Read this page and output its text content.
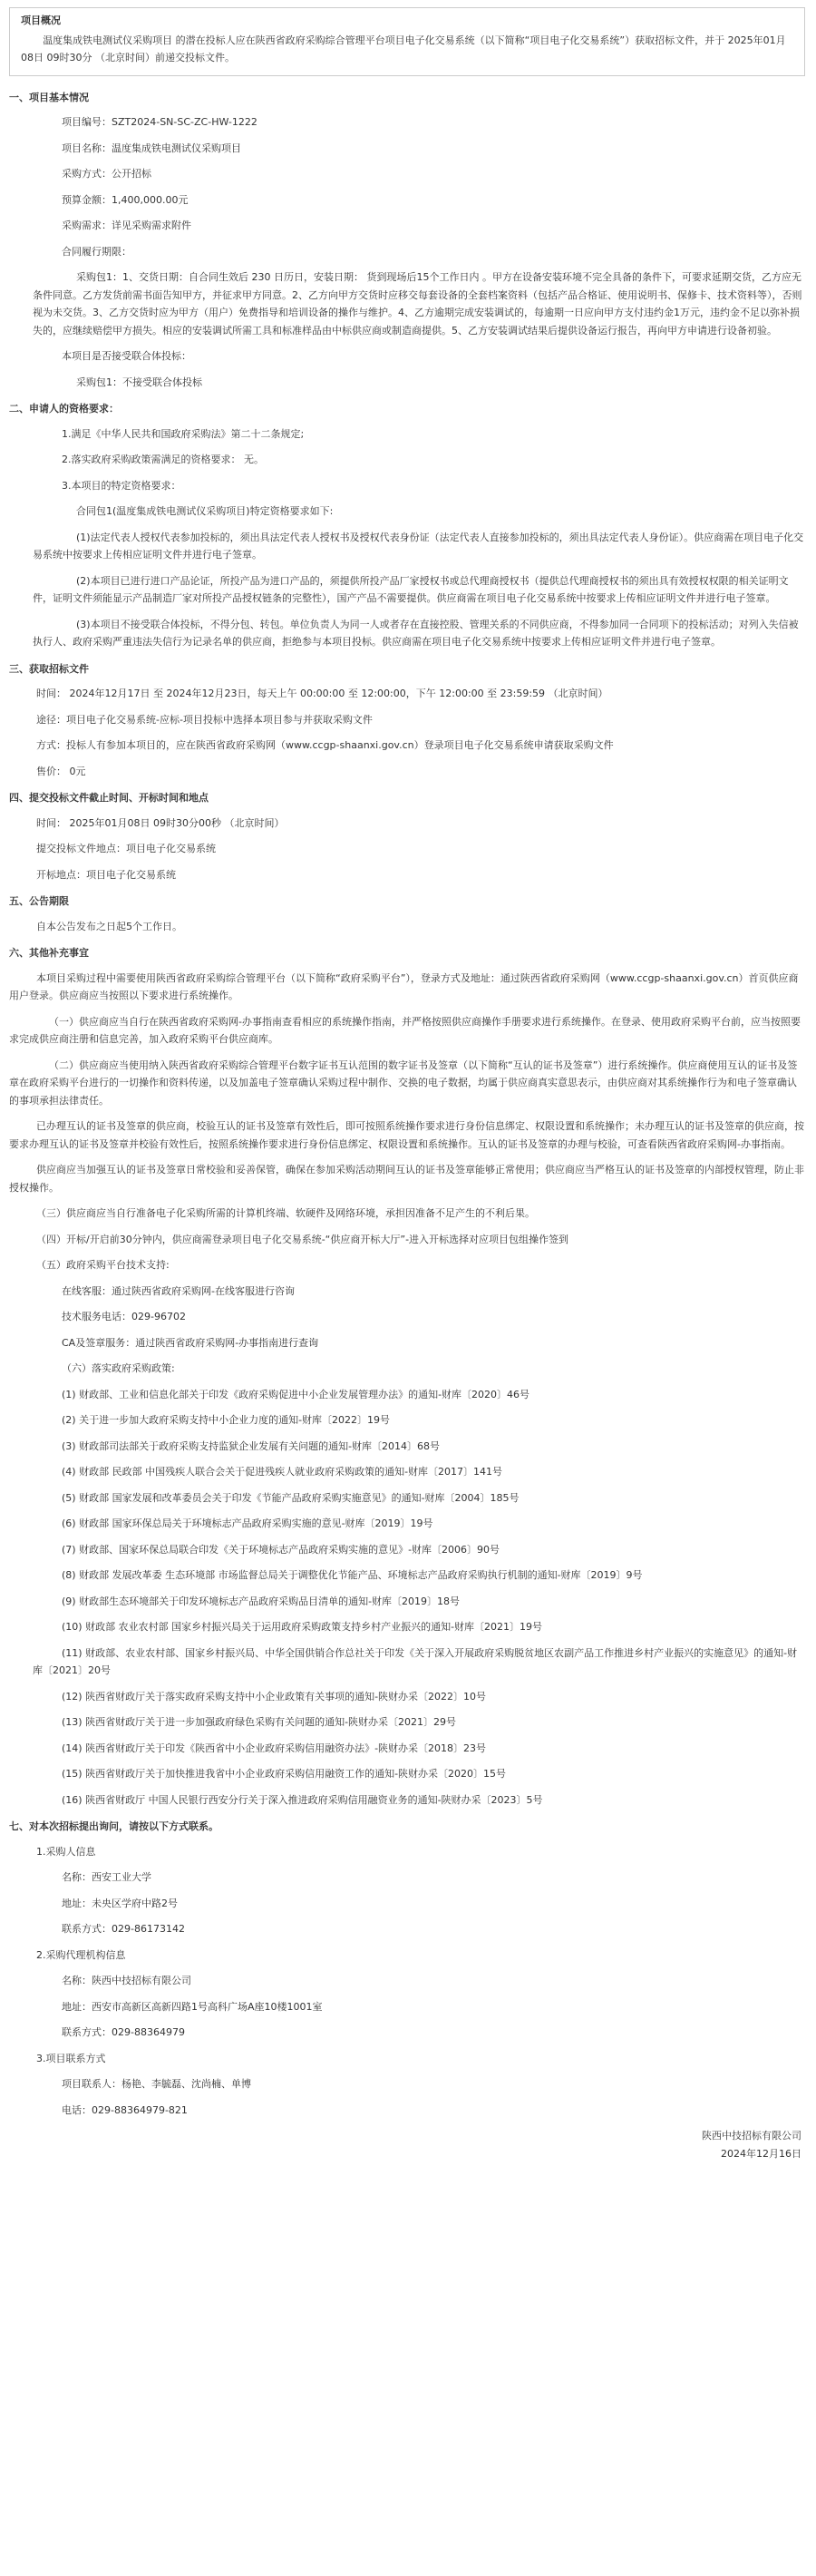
项目概况
温度集成铁电测试仪采购项目 的潜在投标人应在陕西省政府采购综合管理平台项目电子化交易系统（以下简称“项目电子化交易系统”）获取招标文件，并于 2025年01月08日 09时30分 （北京时间）前递交投标文件。
一、项目基本情况
项目编号：SZT2024-SN-SC-ZC-HW-1222
项目名称：温度集成铁电测试仪采购项目
采购方式：公开招标
预算金额：1,400,000.00元
采购需求：详见采购需求附件
合同履行期限：
采购包1：1、交货日期：自合同生效后 230 日历日，安装日期： 货到现场后15个工作日内 。甲方在设备安装环境不完全具备的条件下，可要求延期交货，乙方应无条件同意。乙方发货前需书面告知甲方，并征求甲方同意。2、乙方向甲方交货时应移交每套设备的全套档案资料（包括产品合格证、使用说明书、保修卡、技术资料等），否则视为未交货。3、乙方交货时应为甲方（用户）免费指导和培训设备的操作与维护。4、乙方逾期完成安装调试的，每逾期一日应向甲方支付违约金1万元，违约金不足以弥补损失的，应继续赔偿甲方损失。相应的安装调试所需工具和标准样品由中标供应商或制造商提供。5、乙方安装调试结果后提供设备运行报告，再向甲方申请进行设备初验。
本项目是否接受联合体投标：
采购包1：不接受联合体投标
二、申请人的资格要求：
1.满足《中华人民共和国政府采购法》第二十二条规定;
2.落实政府采购政策需满足的资格要求： 无。
3.本项目的特定资格要求：
合同包1(温度集成铁电测试仪采购项目)特定资格要求如下:
(1)法定代表人授权代表参加投标的，须出具法定代表人授权书及授权代表身份证（法定代表人直接参加投标的，须出具法定代表人身份证）。供应商需在项目电子化交易系统中按要求上传相应证明文件并进行电子签章。
(2)本项目已进行进口产品论证，所投产品为进口产品的，须提供所投产品厂家授权书或总代理商授权书（提供总代理商授权书的须出具有效授权权限的相关证明文件，证明文件须能显示产品制造厂家对所投产品授权链条的完整性），国产产品不需要提供。供应商需在项目电子化交易系统中按要求上传相应证明文件并进行电子签章。
(3)本项目不接受联合体投标，不得分包、转包。单位负责人为同一人或者存在直接控股、管理关系的不同供应商，不得参加同一合同项下的投标活动；对列入失信被执行人、政府采购严重违法失信行为记录名单的供应商，拒绝参与本项目投标。供应商需在项目电子化交易系统中按要求上传相应证明文件并进行电子签章。
三、获取招标文件
时间： 2024年12月17日 至 2024年12月23日，每天上午 00:00:00 至 12:00:00，下午 12:00:00 至 23:59:59 （北京时间）
途径：项目电子化交易系统-应标-项目投标中选择本项目参与并获取采购文件
方式：投标人有参加本项目的，应在陕西省政府采购网（www.ccgp-shaanxi.gov.cn）登录项目电子化交易系统申请获取采购文件
售价： 0元
四、提交投标文件截止时间、开标时间和地点
时间： 2025年01月08日 09时30分00秒 （北京时间）
提交投标文件地点：项目电子化交易系统
开标地点：项目电子化交易系统
五、公告期限
自本公告发布之日起5个工作日。
六、其他补充事宜
本项目采购过程中需要使用陕西省政府采购综合管理平台（以下简称“政府采购平台”），登录方式及地址：通过陕西省政府采购网（www.ccgp-shaanxi.gov.cn）首页供应商用户登录。供应商应当按照以下要求进行系统操作。
（一）供应商应当自行在陕西省政府采购网-办事指南查看相应的系统操作指南，并严格按照供应商操作手册要求进行系统操作。在登录、使用政府采购平台前，应当按照要求完成供应商注册和信息完善，加入政府采购平台供应商库。
（二）供应商应当使用纳入陕西省政府采购综合管理平台数字证书互认范围的数字证书及签章（以下简称“互认的证书及签章”）进行系统操作。供应商使用互认的证书及签章在政府采购平台进行的一切操作和资料传递，以及加盖电子签章确认采购过程中制作、交换的电子数据，均属于供应商真实意思表示，由供应商对其系统操作行为和电子签章确认的事项承担法律责任。
已办理互认的证书及签章的供应商，校验互认的证书及签章有效性后，即可按照系统操作要求进行身份信息绑定、权限设置和系统操作；未办理互认的证书及签章的供应商，按要求办理互认的证书及签章并校验有效性后，按照系统操作要求进行身份信息绑定、权限设置和系统操作。互认的证书及签章的办理与校验，可查看陕西省政府采购网-办事指南。
供应商应当加强互认的证书及签章日常校验和妥善保管，确保在参加采购活动期间互认的证书及签章能够正常使用；供应商应当严格互认的证书及签章的内部授权管理，防止非授权操作。
（三）供应商应当自行准备电子化采购所需的计算机终端、软硬件及网络环境，承担因准备不足产生的不利后果。
（四）开标/开启前30分钟内，供应商需登录项目电子化交易系统-“供应商开标大厅”-进入开标选择对应项目包组操作签到
（五）政府采购平台技术支持:
在线客服：通过陕西省政府采购网-在线客服进行咨询
技术服务电话：029-96702
CA及签章服务：通过陕西省政府采购网-办事指南进行查询
（六）落实政府采购政策:
(1) 财政部、工业和信息化部关于印发《政府采购促进中小企业发展管理办法》的通知-财库〔2020〕46号
(2) 关于进一步加大政府采购支持中小企业力度的通知-财库〔2022〕19号
(3) 财政部司法部关于政府采购支持监狱企业发展有关问题的通知-财库〔2014〕68号
(4) 财政部 民政部 中国残疾人联合会关于促进残疾人就业政府采购政策的通知-财库〔2017〕141号
(5) 财政部 国家发展和改革委员会关于印发《节能产品政府采购实施意见》的通知-财库〔2004〕185号
(6) 财政部 国家环保总局关于环境标志产品政府采购实施的意见-财库〔2019〕19号
(7) 财政部、国家环保总局联合印发《关于环境标志产品政府采购实施的意见》-财库〔2006〕90号
(8) 财政部 发展改革委 生态环境部 市场监督总局关于调整优化节能产品、环境标志产品政府采购执行机制的通知-财库〔2019〕9号
(9) 财政部生态环境部关于印发环境标志产品政府采购品目清单的通知-财库〔2019〕18号
(10) 财政部 农业农村部 国家乡村振兴局关于运用政府采购政策支持乡村产业振兴的通知-财库〔2021〕19号
(11) 财政部、农业农村部、国家乡村振兴局、中华全国供销合作总社关于印发《关于深入开展政府采购脱贫地区农副产品工作推进乡村产业振兴的实施意见》的通知-财库〔2021〕20号
(12) 陕西省财政厅关于落实政府采购支持中小企业政策有关事项的通知-陕财办采〔2022〕10号
(13) 陕西省财政厅关于进一步加强政府绿色采购有关问题的通知-陕财办采〔2021〕29号
(14) 陕西省财政厅关于印发《陕西省中小企业政府采购信用融资办法》-陕财办采〔2018〕23号
(15) 陕西省财政厅关于加快推进我省中小企业政府采购信用融资工作的通知-陕财办采〔2020〕15号
(16) 陕西省财政厅 中国人民银行西安分行关于深入推进政府采购信用融资业务的通知-陕财办采〔2023〕5号
七、对本次招标提出询问，请按以下方式联系。
1.采购人信息
名称：西安工业大学
地址：未央区学府中路2号
联系方式：029-86173142
2.采购代理机构信息
名称：陕西中技招标有限公司
地址：西安市高新区高新四路1号高科广场A座10楼1001室
联系方式：029-88364979
3.项目联系方式
项目联系人：杨艳、李毓磊、沈尚楠、单博
电话：029-88364979-821
陕西中技招标有限公司
2024年12月16日
